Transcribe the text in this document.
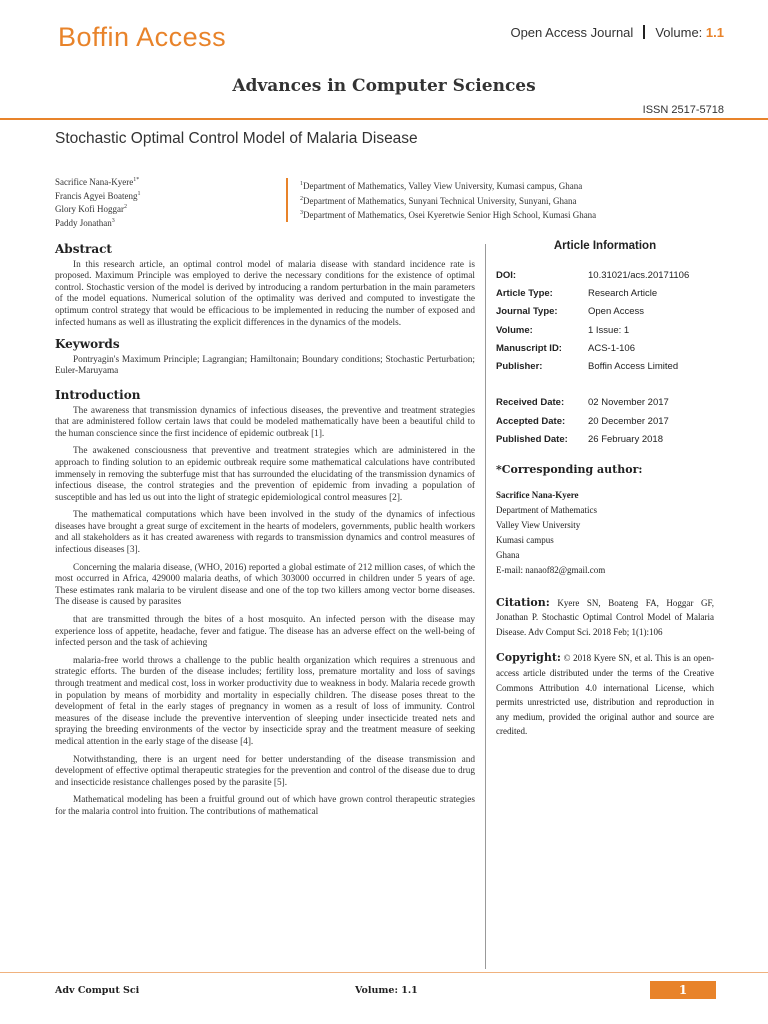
Boffin Access	Open Access Journal Volume: 1.1
Advances in Computer Sciences
ISSN 2517-5718
Stochastic Optimal Control Model of Malaria Disease
Sacrifice Nana-Kyere$^{1*}$
Francis Agyei Boateng$^1$
Glory Kofi Hoggar$^2$
Paddy Jonathan$^3$
$^1$Department of Mathematics, Valley View University, Kumasi campus, Ghana
$^2$Department of Mathematics, Sunyani Technical University, Sunyani, Ghana
$^3$Department of Mathematics, Osei Kyeretwie Senior High School, Kumasi Ghana
Abstract

In this research article, an optimal control model of malaria disease with standard incidence rate is proposed. Maximum Principle was employed to derive the necessary conditions for the existence of optimal control. Stochastic version of the model is derived by introducing a random perturbation in the main parameters of the model equations. Numerical solution of the optimality was derived and computed to investigate the optimum control strategy that would be efficacious to be implemented in reducing the number of exposed and infected humans as well as illustrating the explicit differences in the dynamics of the models.

Keywords

Pontryagin's Maximum Principle; Lagrangian; Hamiltonain; Boundary conditions; Stochastic Perturbation; Euler-Maruyama

Introduction

The awareness that transmission dynamics of infectious diseases, the preventive and treatment strategies that are administered follow certain laws that could be modeled mathematically have been a beautiful child to the human conscience since the first incidence of epidemic outbreak [1].

The awakened consciousness that preventive and treatment strategies which are administered in the approach to finding solution to an epidemic outbreak require some mathematical calculations have contributed immensely in removing the subterfuge mist that has surrounded the elucidating of the transmission dynamics of infectious disease, the control strategies and the prevention of epidemic from invading a population of susceptible and has led us out into the light of strategic epidemiological control measures [2].

The mathematical computations which have been involved in the study of the dynamics of infectious diseases have brought a great surge of excitement in the hearts of modelers, governments, public health workers and all stakeholders as it has created awareness with regards to transmission dynamics and control measures of infectious diseases [3].

Concerning the malaria disease, (WHO, 2016) reported a global estimate of 212 million cases, of which the most occurred in Africa, 429000 malaria deaths, of which 303000 occurred in children under 5 years of age. These estimates rank malaria to be virulent disease and one of the top two killers among vector borne diseases. The disease is caused by parasites

that are transmitted through the bites of a host mosquito. An infected person with the disease may experience loss of appetite, headache, fever and fatigue. The disease has an adverse effect on the well-being of infected person and the task of achieving

malaria-free world throws a challenge to the public health organization which requires a strenuous and strategic efforts. The burden of the disease includes; fertility loss, premature mortality and loss of savings through treatment and medical cost, loss in worker productivity due to weakness in body. Malaria recede growth in population by means of morbidity and mortality in especially children. The disease poses threat to the development of fetal in the early stages of pregnancy in women as a result of loss of immunity. Control measures of the disease include the preventive intervention of sleeping under insecticide treated nets and spraying the breeding environments of the vector by insecticide spray and the treatment measure of seeking medical attention in the early stage of the disease [4].

Notwithstanding, there is an urgent need for better understanding of the disease transmission and development of effective optimal therapeutic strategies for the prevention and control of the disease due to drug and insecticide resistance challenges posed by the parasite [5].

Mathematical modeling has been a fruitful ground out of which have grown control therapeutic strategies for the malaria control into fruition. The contributions of mathematical

Article Information
DOI:	10.31021/acs.20171106
Article Type:	Research Article
Journal Type:	Open Access
Volume:	1 Issue: 1
Manuscript ID:	ACS-1-106
Publisher:	Boffin Access Limited
Received Date:	02 November 2017
Accepted Date:	20 December 2017
Published Date:	26 February 2018
*Corresponding author:
Sacrifice Nana-Kyere
Department of Mathematics
Valley View University
Kumasi campus
Ghana
E-mail: nanaof82@gmail.com
Citation: Kyere SN, Boateng FA, Hoggar GF, Jonathan P. Stochastic Optimal Control Model of Malaria Disease. Adv Comput Sci. 2018 Feb; 1(1):106
Copyright: © 2018 Kyere SN, et al. This is an open-access article distributed under the terms of the Creative Commons Attribution 4.0 international License, which permits unrestricted use, distribution and reproduction in any medium, provided the original author and source are credited.
Adv Comput Sci	Volume: 1.1	1
